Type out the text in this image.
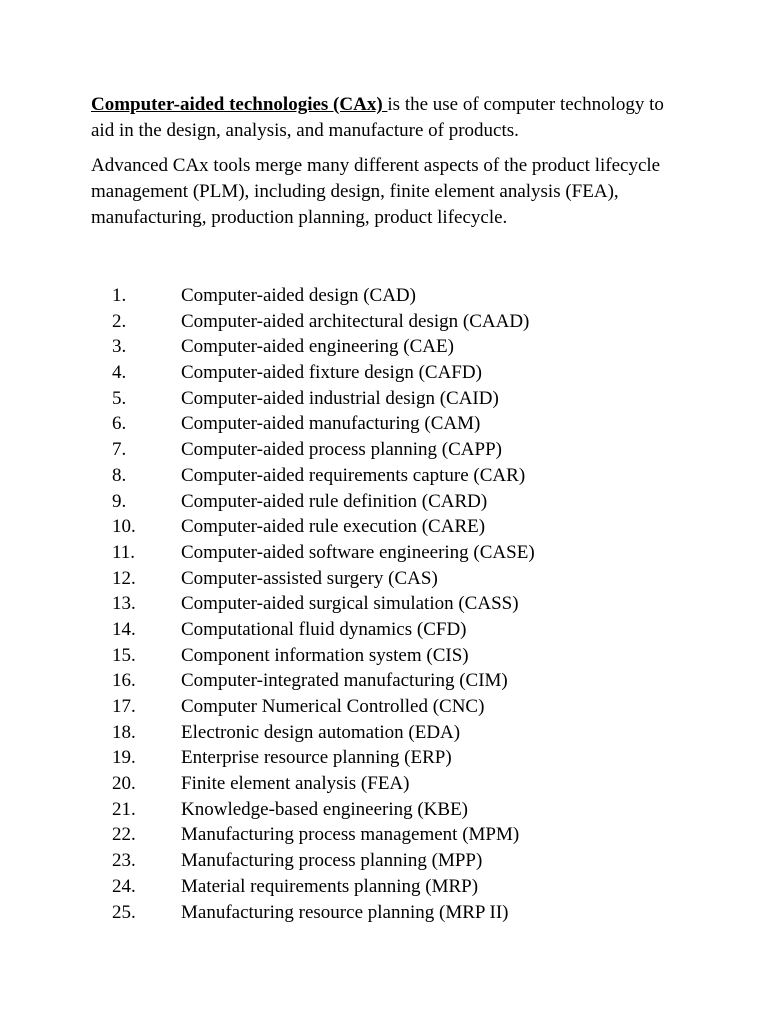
Computer-aided technologies (CAx) is the use of computer technology to aid in the design, analysis, and manufacture of products.

Advanced CAx tools merge many different aspects of the product lifecycle management (PLM), including design, finite element analysis (FEA), manufacturing, production planning, product lifecycle.

1.	Computer-aided design (CAD)
2.	Computer-aided architectural design (CAAD)
3.	Computer-aided engineering (CAE)
4.	Computer-aided fixture design (CAFD)
5.	Computer-aided industrial design (CAID)
6.	Computer-aided manufacturing (CAM)
7.	Computer-aided process planning (CAPP)
8.	Computer-aided requirements capture (CAR)
9.	Computer-aided rule definition (CARD)
10. Computer-aided rule execution (CARE)
11. Computer-aided software engineering (CASE)
12. Computer-assisted surgery (CAS)
13. Computer-aided surgical simulation (CASS)
14. Computational fluid dynamics (CFD)
15. Component information system (CIS)
16. Computer-integrated manufacturing (CIM)
17. Computer Numerical Controlled (CNC)
18. Electronic design automation (EDA)
19. Enterprise resource planning (ERP)
20. Finite element analysis (FEA)
21. Knowledge-based engineering (KBE)
22. Manufacturing process management (MPM)
23. Manufacturing process planning (MPP)
24. Material requirements planning (MRP)
25. Manufacturing resource planning (MRP II)
